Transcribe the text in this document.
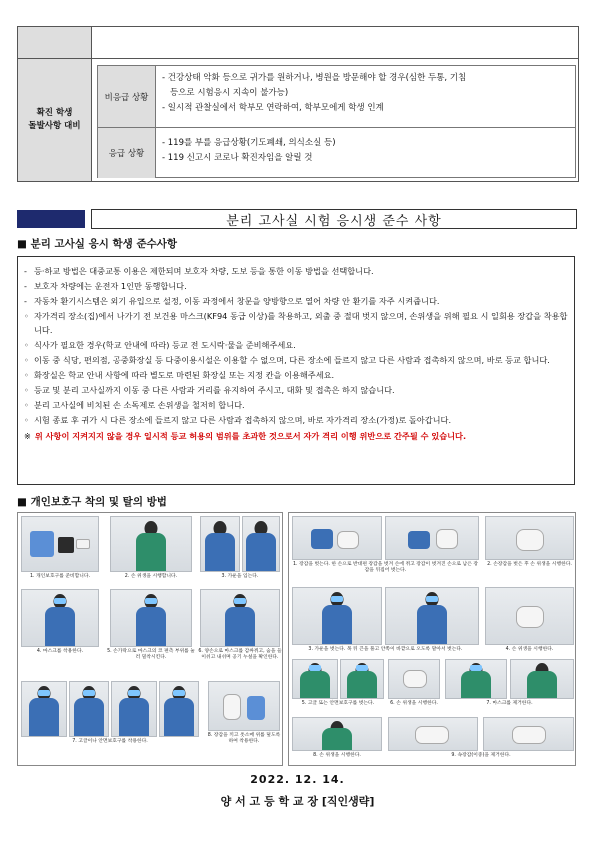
확진 학생
돌발사항 대비
비응급 상황
- 건강상태 악화 등으로 귀가를 원하거나, 병원을 방문해야 할 경우(심한 두통, 기침
등으로 시험응시 지속이 불가능)
- 일시적 관찰실에서 학부모 연락하여, 학부모에게 학생 인계
응급 상황
- 119를 부를 응급상황(기도폐쇄, 의식소실 등)
- 119 신고시 코로나 확진자임을 알릴 것
분리 고사실 시험 응시생 준수 사항
■ 분리 고사실 응시 학생 준수사항
- 등·하교 방법은 대중교통 이용은 제한되며 보호자 차량, 도보 등을 통한 이동 방법을 선택합니다.
- 보호자 차량에는 운전자 1인만 동행합니다.
- 자동차 환기시스템은 외기 유입으로 설정, 이동 과정에서 창문을 양방향으로 열어 차량 안 환기를 자주 시켜줍니다.
◦ 자가격리 장소(집)에서 나가기 전 보건용 마스크(KF94 동급 이상)를 착용하고, 외출 중 절대 벗지 않으며, 손위생을 위해 필요 시 일회용 장갑을 착용합니다.
◦ 식사가 필요한 경우(학교 안내에 따라) 등교 전 도시락·물을 준비해주세요.
◦ 이동 중 식당, 편의점, 공중화장실 등 다중이용시설은 이용할 수 없으며, 다른 장소에 들르지 않고 다른 사람과 접촉하지 않으며, 바로 등교 합니다.
◦ 화장실은 학교 안내 사항에 따라 별도로 마련된 화장실 또는 지정 칸을 이용해주세요.
◦ 등교 및 분리 고사실까지 이동 중 다른 사람과 거리를 유지하여 주시고, 대화 및 접촉은 하지 않습니다.
◦ 분리 고사실에 비치된 손 소독제로 손위생을 철저히 합니다.
◦ 시험 종료 후 귀가 시 다른 장소에 들르지 않고 다른 사람과 접촉하지 않으며, 바로 자가격리 장소(가정)로 돌아갑니다.
※ 위 사항이 지켜지지 않을 경우 일시적 등교 허용의 범위를 초과한 것으로서 자가 격리 이행 위반으로 간주될 수 있습니다.
■ 개인보호구 착의 및 탈의 방법
1. 개인보호구를 준비합니다.	2. 손 위생을 시행합니다.	3. 가운을 입는다.
4. 마스크를 착용한다.	5. 손가락으로 마스크의 코 편측 부위를 눌러 밀착시킨다.
6. 양손으로 마스크를 감싸쥐고, 숨을 들이쉬고 내쉬며 공기 누설을 확인한다.
7. 고글이나 안면보호구를 착용한다.
8. 장갑을 끼고 옷소매 위를 덮도록 하여 착용한다.
1. 장갑을 벗는다. 한 손으로 반대편 장갑을 벗겨 손에 쥐고 장갑이 벗겨진 손으로 남은 장갑을 뒤집어 벗는다.
2. 손장갑을 벗은 후 손 위생을 시행한다.
3. 가운을 벗는다. 목 뒤 끈을 풀고 안쪽이 바깥으로 오도록 말아서 벗는다.	4. 손 위생을 시행한다.
5. 고글 또는 안면보호구를 벗는다.	6. 손 위생을 시행한다.	7. 마스크를 제거한다.
8. 손 위생을 시행한다.	9. 속장갑(이중)을 제거한다.
2022. 12. 14.
양 서 고 등 학 교 장 [직인생략]
